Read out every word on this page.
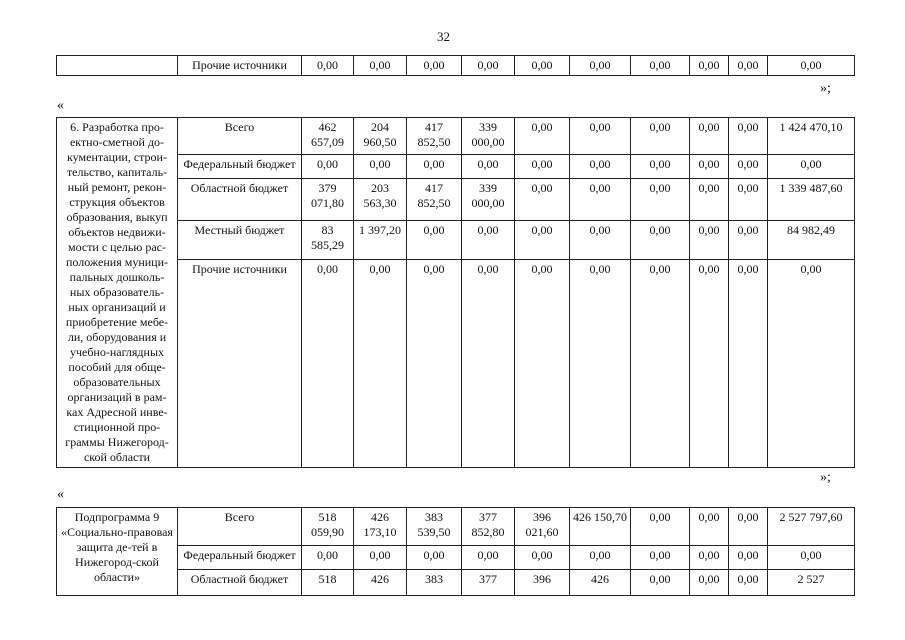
32
	Прочие источники	0,00	0,00	0,00	0,00	0,00	0,00	0,00	0,00	0,00	0,00
«
»;
6. Разработка про-ектно-сметной до-кументации, строи-тельство, капиталь-ный ремонт, рекон-струкция объектов образования, выкуп объектов недвижи-мости с целью рас-положения муници-пальных дошколь-ных образователь-ных организаций и приобретение мебе-ли, оборудования и учебно-наглядных пособий для обще-образовательных организаций в рам-ках Адресной инве-стиционной про-граммы Нижегород-ской области	Всего	462 657,09	204 960,50	417 852,50	339 000,00	0,00	0,00	0,00	0,00	0,00	1 424 470,10
	Федеральный бюджет	0,00	0,00	0,00	0,00	0,00	0,00	0,00	0,00	0,00	0,00
	Областной бюджет	379 071,80	203 563,30	417 852,50	339 000,00	0,00	0,00	0,00	0,00	0,00	1 339 487,60
	Местный бюджет	83 585,29	1 397,20	0,00	0,00	0,00	0,00	0,00	0,00	0,00	84 982,49
	Прочие источники	0,00	0,00	0,00	0,00	0,00	0,00	0,00	0,00	0,00	0,00
«
»;
Подпрограмма 9 «Социально-правовая защита де-тей в Нижегород-ской области»	Всего	518 059,90	426 173,10	383 539,50	377 852,80	396 021,60	426 150,70	0,00	0,00	0,00	2 527 797,60
	Федеральный бюджет	0,00	0,00	0,00	0,00	0,00	0,00	0,00	0,00	0,00	0,00
	Областной бюджет	518	426	383	377	396	426	0,00	0,00	0,00	2 527
